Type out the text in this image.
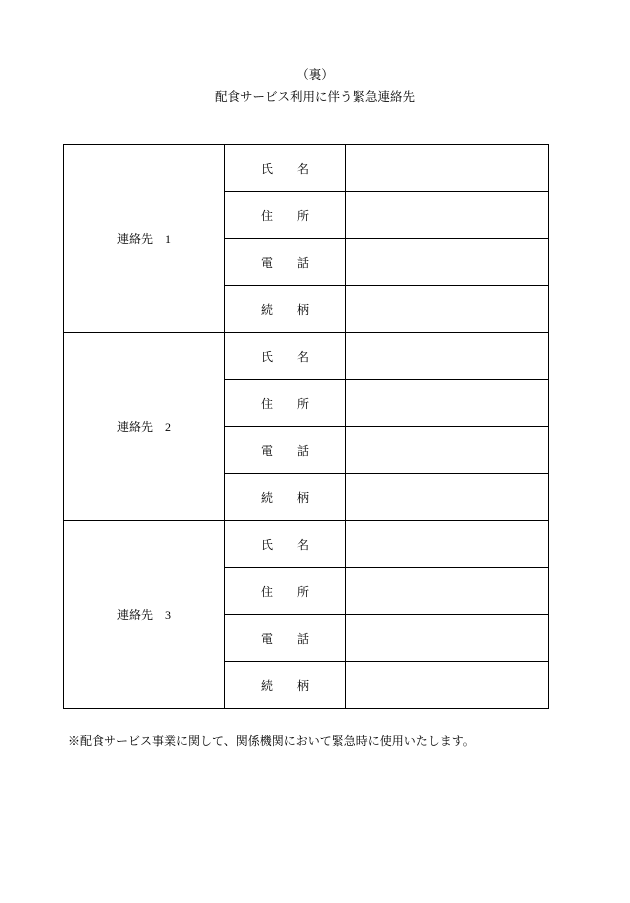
（裏）
配食サービス利用に伴う緊急連絡先
連絡先　1	氏　　名	
	住　　所	
	電　　話	
	続　　柄	
連絡先　2	氏　　名	
	住　　所	
	電　　話	
	続　　柄	
連絡先　3	氏　　名	
	住　　所	
	電　　話	
	続　　柄	
※配食サービス事業に関して、関係機関において緊急時に使用いたします。
